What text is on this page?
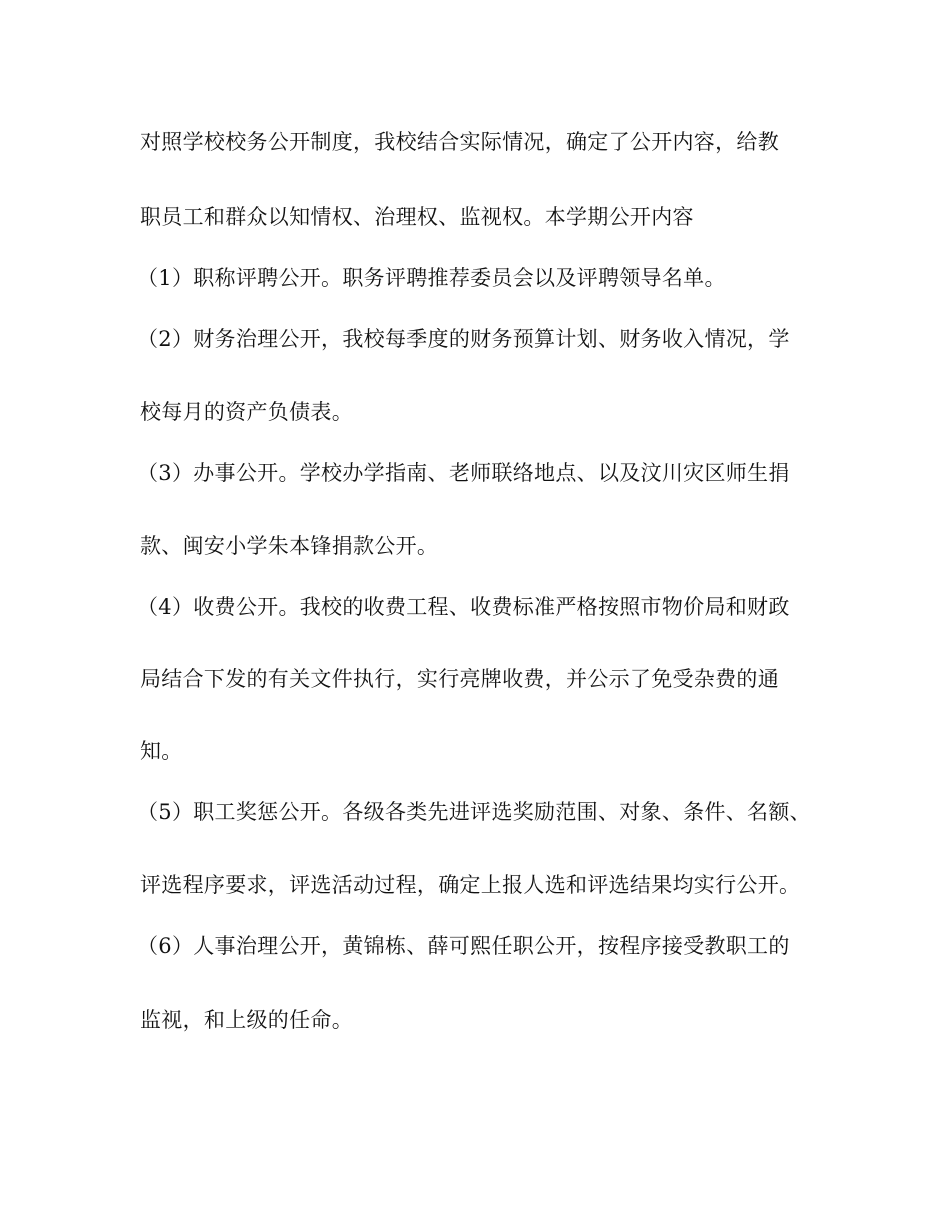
对照学校校务公开制度，我校结合实际情况，确定了公开内容，给教
职员工和群众以知情权、治理权、监视权。本学期公开内容
（1）职称评聘公开。职务评聘推荐委员会以及评聘领导名单。
（2）财务治理公开，我校每季度的财务预算计划、财务收入情况，学
校每月的资产负债表。
（3）办事公开。学校办学指南、老师联络地点、以及汶川灾区师生捐
款、闽安小学朱本锋捐款公开。
（4）收费公开。我校的收费工程、收费标准严格按照市物价局和财政
局结合下发的有关文件执行，实行亮牌收费，并公示了免受杂费的通
知。
（5）职工奖惩公开。各级各类先进评选奖励范围、对象、条件、名额、
评选程序要求，评选活动过程，确定上报人选和评选结果均实行公开。
（6）人事治理公开，黄锦栋、薛可熙任职公开，按程序接受教职工的
监视，和上级的任命。
